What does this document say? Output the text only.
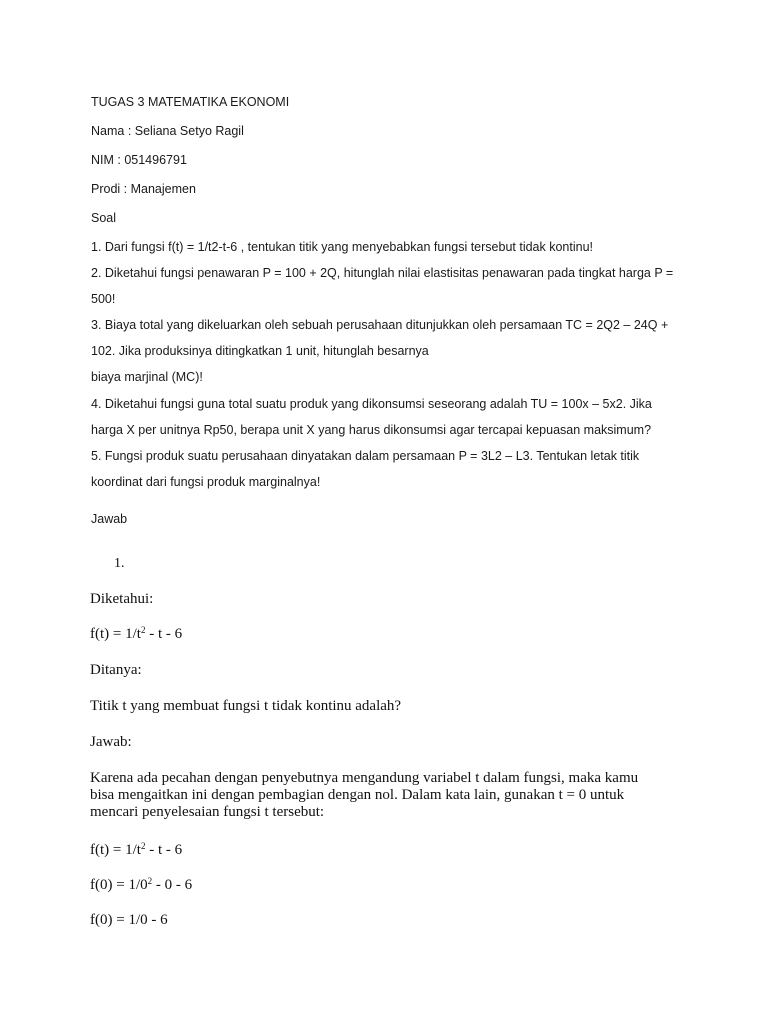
TUGAS 3 MATEMATIKA EKONOMI
Nama : Seliana Setyo Ragil
NIM : 051496791
Prodi : Manajemen
Soal
1. Dari fungsi f(t) = 1/t2-t-6 , tentukan titik yang menyebabkan fungsi tersebut tidak kontinu!
2. Diketahui fungsi penawaran P = 100 + 2Q, hitunglah nilai elastisitas penawaran pada tingkat harga P =
500!
3. Biaya total yang dikeluarkan oleh sebuah perusahaan ditunjukkan oleh persamaan TC = 2Q2 – 24Q +
102. Jika produksinya ditingkatkan 1 unit, hitunglah besarnya
biaya marjinal (MC)!
4. Diketahui fungsi guna total suatu produk yang dikonsumsi seseorang adalah TU = 100x – 5x2. Jika
harga X per unitnya Rp50, berapa unit X yang harus dikonsumsi agar tercapai kepuasan maksimum?
5. Fungsi produk suatu perusahaan dinyatakan dalam persamaan P = 3L2 – L3. Tentukan letak titik
koordinat dari fungsi produk marginalnya!
Jawab
1.
Diketahui:
$f(t) = 1/t^2 - t - 6$
Ditanya:
Titik t yang membuat fungsi t tidak kontinu adalah?
Jawab:
Karena ada pecahan dengan penyebutnya mengandung variabel t dalam fungsi, maka kamu bisa mengaitkan ini dengan pembagian dengan nol. Dalam kata lain, gunakan t = 0 untuk mencari penyelesaian fungsi t tersebut:
$f(t) = 1/t^2 - t - 6$
$f(0) = 1/0^2 - 0 - 6$
f(0) = 1/0 - 6
